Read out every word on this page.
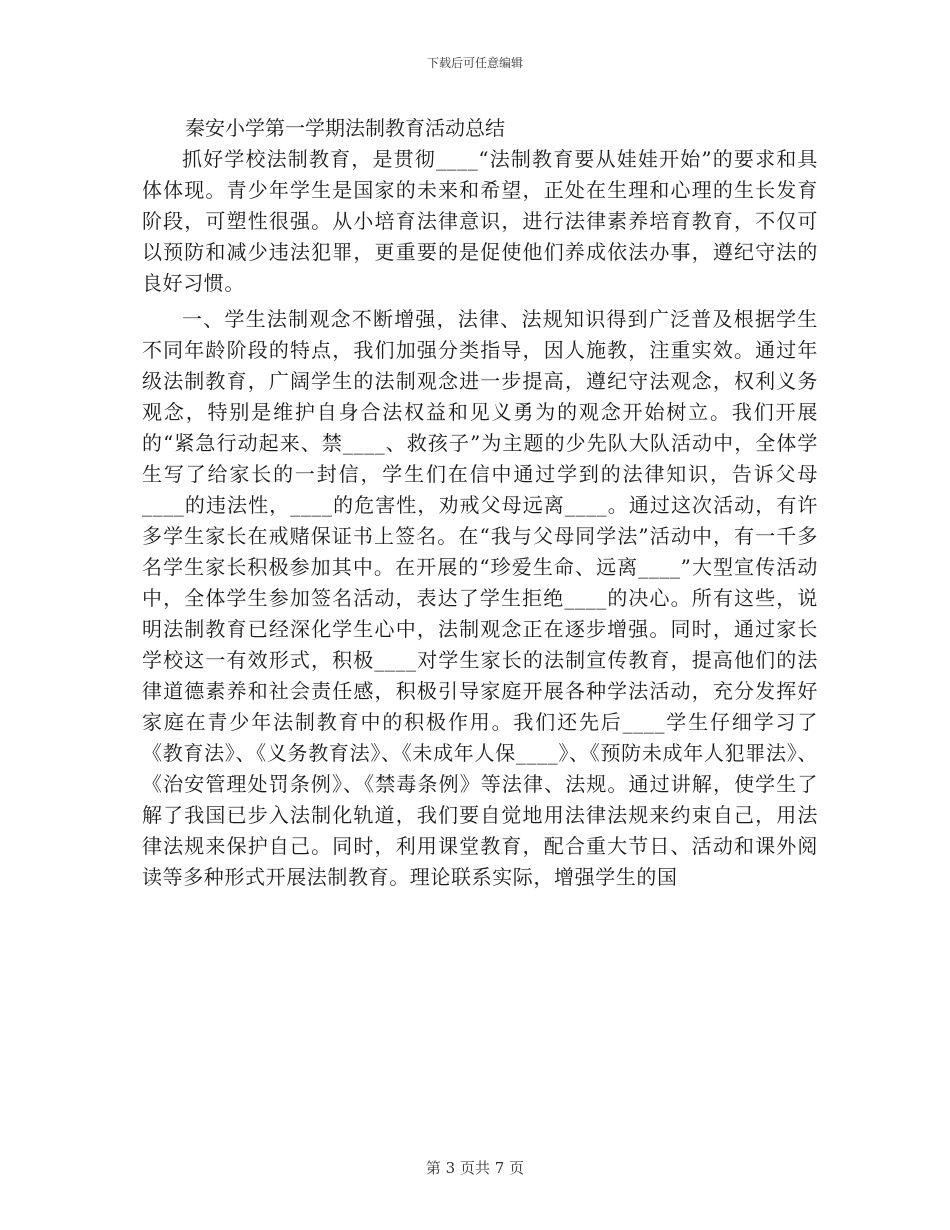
下载后可任意编辑
秦安小学第一学期法制教育活动总结

抓好学校法制教育，是贯彻____“法制教育要从娃娃开始”的要求和具体体现。青少年学生是国家的未来和希望，正处在生理和心理的生长发育阶段，可塑性很强。从小培育法律意识，进行法律素养培育教育，不仅可以预防和减少违法犯罪，更重要的是促使他们养成依法办事，遵纪守法的良好习惯。

一、学生法制观念不断增强，法律、法规知识得到广泛普及根据学生不同年龄阶段的特点，我们加强分类指导，因人施教，注重实效。通过年级法制教育，广阔学生的法制观念进一步提高，遵纪守法观念，权利义务观念，特别是维护自身合法权益和见义勇为的观念开始树立。我们开展的“紧急行动起来、禁____、救孩子”为主题的少先队大队活动中，全体学生写了给家长的一封信，学生们在信中通过学到的法律知识，告诉父母____的违法性，____的危害性，劝戒父母远离____。通过这次活动，有许多学生家长在戒赌保证书上签名。在“我与父母同学法”活动中，有一千多名学生家长积极参加其中。在开展的“珍爱生命、远离____”大型宣传活动中，全体学生参加签名活动，表达了学生拒绝____的决心。所有这些，说明法制教育已经深化学生心中，法制观念正在逐步增强。同时，通过家长学校这一有效形式，积极____对学生家长的法制宣传教育，提高他们的法律道德素养和社会责任感，积极引导家庭开展各种学法活动，充分发挥好家庭在青少年法制教育中的积极作用。我们还先后____学生仔细学习了《教育法》、《义务教育法》、《未成年人保____》、《预防未成年人犯罪法》、《治安管理处罚条例》、《禁毒条例》等法律、法规。通过讲解，使学生了解了我国已步入法制化轨道，我们要自觉地用法律法规来约束自己，用法律法规来保护自己。同时，利用课堂教育，配合重大节日、活动和课外阅读等多种形式开展法制教育。理论联系实际，增强学生的国

第 3 页共 7 页
